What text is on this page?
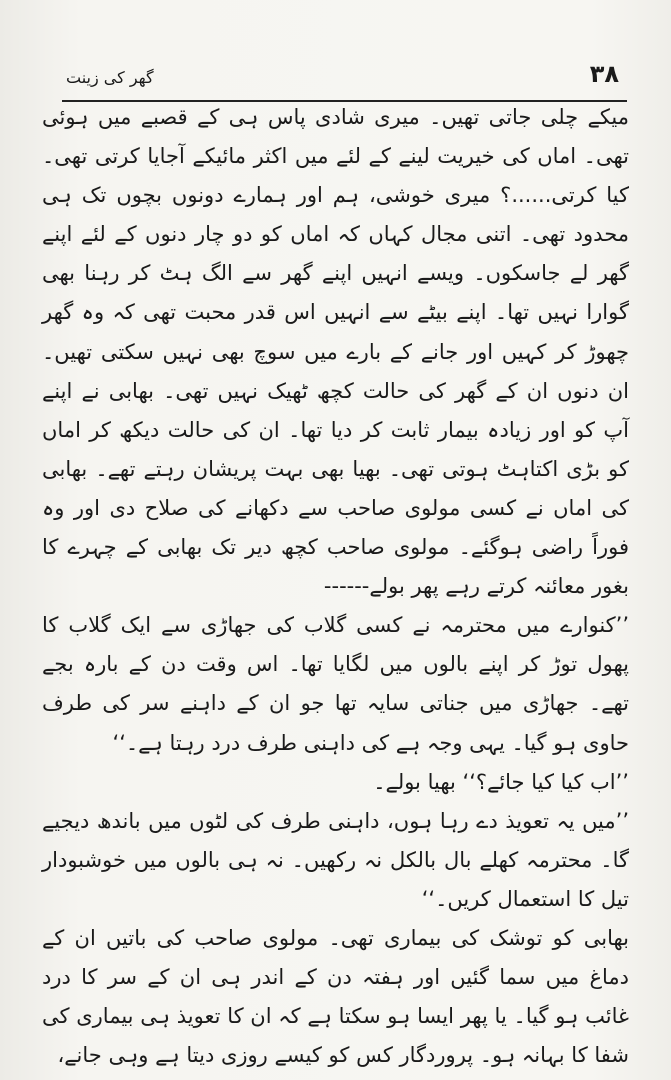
۳۸
گھر کی زینت

میکے چلی جاتی تھیں۔ میری شادی پاس ہی کے قصبے میں ہوئی تھی۔ اماں کی خیریت لینے کے لئے میں اکثر مائیکے آجایا کرتی تھی۔ کیا کرتی......؟ میری خوشی، ہم اور ہمارے دونوں بچوں تک ہی محدود تھی۔ اتنی مجال کہاں کہ اماں کو دو چار دنوں کے لئے اپنے گھر لے جاسکوں۔ ویسے انہیں اپنے گھر سے الگ ہٹ کر رہنا بھی گوارا نہیں تھا۔ اپنے بیٹے سے انہیں اس قدر محبت تھی کہ وہ گھر چھوڑ کر کہیں اور جانے کے بارے میں سوچ بھی نہیں سکتی تھیں۔ ان دنوں ان کے گھر کی حالت کچھ ٹھیک نہیں تھی۔ بھابی نے اپنے آپ کو اور زیادہ بیمار ثابت کر دیا تھا۔ ان کی حالت دیکھ کر اماں کو بڑی اکتاہٹ ہوتی تھی۔ بھیا بھی بہت پریشان رہتے تھے۔ بھابی کی اماں نے کسی مولوی صاحب سے دکھانے کی صلاح دی اور وہ فوراً راضی ہوگئے۔ مولوی صاحب کچھ دیر تک بھابی کے چہرے کا بغور معائنہ کرتے رہے پھر بولے------

’’کنوارے میں محترمہ نے کسی گلاب کی جھاڑی سے ایک گلاب کا پھول توڑ کر اپنے بالوں میں لگایا تھا۔ اس وقت دن کے بارہ بجے تھے۔ جھاڑی میں جناتی سایہ تھا جو ان کے داہنے سر کی طرف حاوی ہو گیا۔ یہی وجہ ہے کی داہنی طرف درد رہتا ہے۔‘‘

’’اب کیا کیا جائے؟‘‘ بھیا بولے۔

’’میں یہ تعویذ دے رہا ہوں، داہنی طرف کی لٹوں میں باندھ دیجیے گا۔ محترمہ کھلے بال بالکل نہ رکھیں۔ نہ ہی بالوں میں خوشبودار تیل کا استعمال کریں۔‘‘

بھابی کو توشک کی بیماری تھی۔ مولوی صاحب کی باتیں ان کے دماغ میں سما گئیں اور ہفتہ دن کے اندر ہی ان کے سر کا درد غائب ہو گیا۔ یا پھر ایسا ہو سکتا ہے کہ ان کا تعویذ ہی بیماری کی شفا کا بہانہ ہو۔ پروردگار کس کو کیسے روزی دیتا ہے وہی جانے،
